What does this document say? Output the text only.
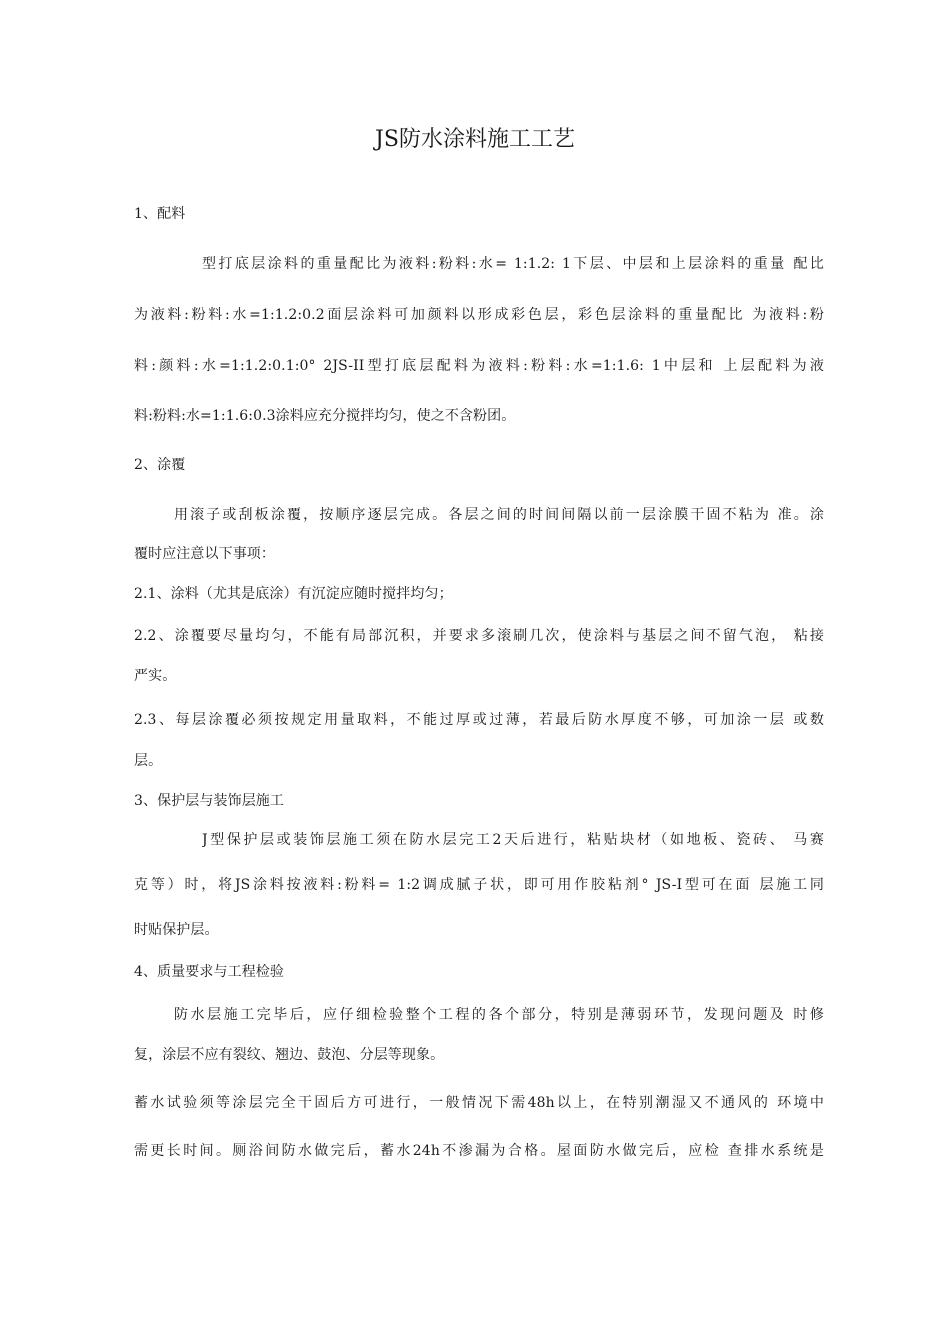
JS防水涂料施工工艺
1、配料
型打底层涂料的重量配比为液料:粉料:水= 1:1.2: 1下层、中层和上层涂料的重量 配比
为液料:粉料:水=1:1.2:0.2面层涂料可加颜料以形成彩色层，彩色层涂料的重量配比 为液料:粉
料:颜料:水=1:1.2:0.1:0° 2JS-II型打底层配料为液料:粉料:水=1:1.6: 1中层和 上层配料为液
料:粉料:水=1:1.6:0.3涂料应充分搅拌均匀，使之不含粉团。
2、涂覆
用滚子或刮板涂覆，按顺序逐层完成。各层之间的时间间隔以前一层涂膜干固不粘为 准。涂
覆时应注意以下事项：
2.1、涂料（尤其是底涂）有沉淀应随时搅拌均匀；
2.2、涂覆要尽量均匀，不能有局部沉积，并要求多滚刷几次，使涂料与基层之间不留气泡， 粘接
严实。
2.3、每层涂覆必须按规定用量取料，不能过厚或过薄，若最后防水厚度不够，可加涂一层 或数
层。
3、保护层与装饰层施工
J型保护层或装饰层施工须在防水层完工2天后进行，粘贴块材（如地板、瓷砖、 马赛
克等）时，将JS涂料按液料:粉料= 1:2调成腻子状，即可用作胶粘剂° JS-I型可在面 层施工同
时贴保护层。
4、质量要求与工程检验
防水层施工完毕后，应仔细检验整个工程的各个部分，特别是薄弱环节，发现问题及 时修
复，涂层不应有裂纹、翘边、鼓泡、分层等现象。
蓄水试验须等涂层完全干固后方可进行，一般情况下需48h以上，在特别潮湿又不通风的 环境中
需更长时间。厕浴间防水做完后，蓄水24h不渗漏为合格。屋面防水做完后，应检 查排水系统是
